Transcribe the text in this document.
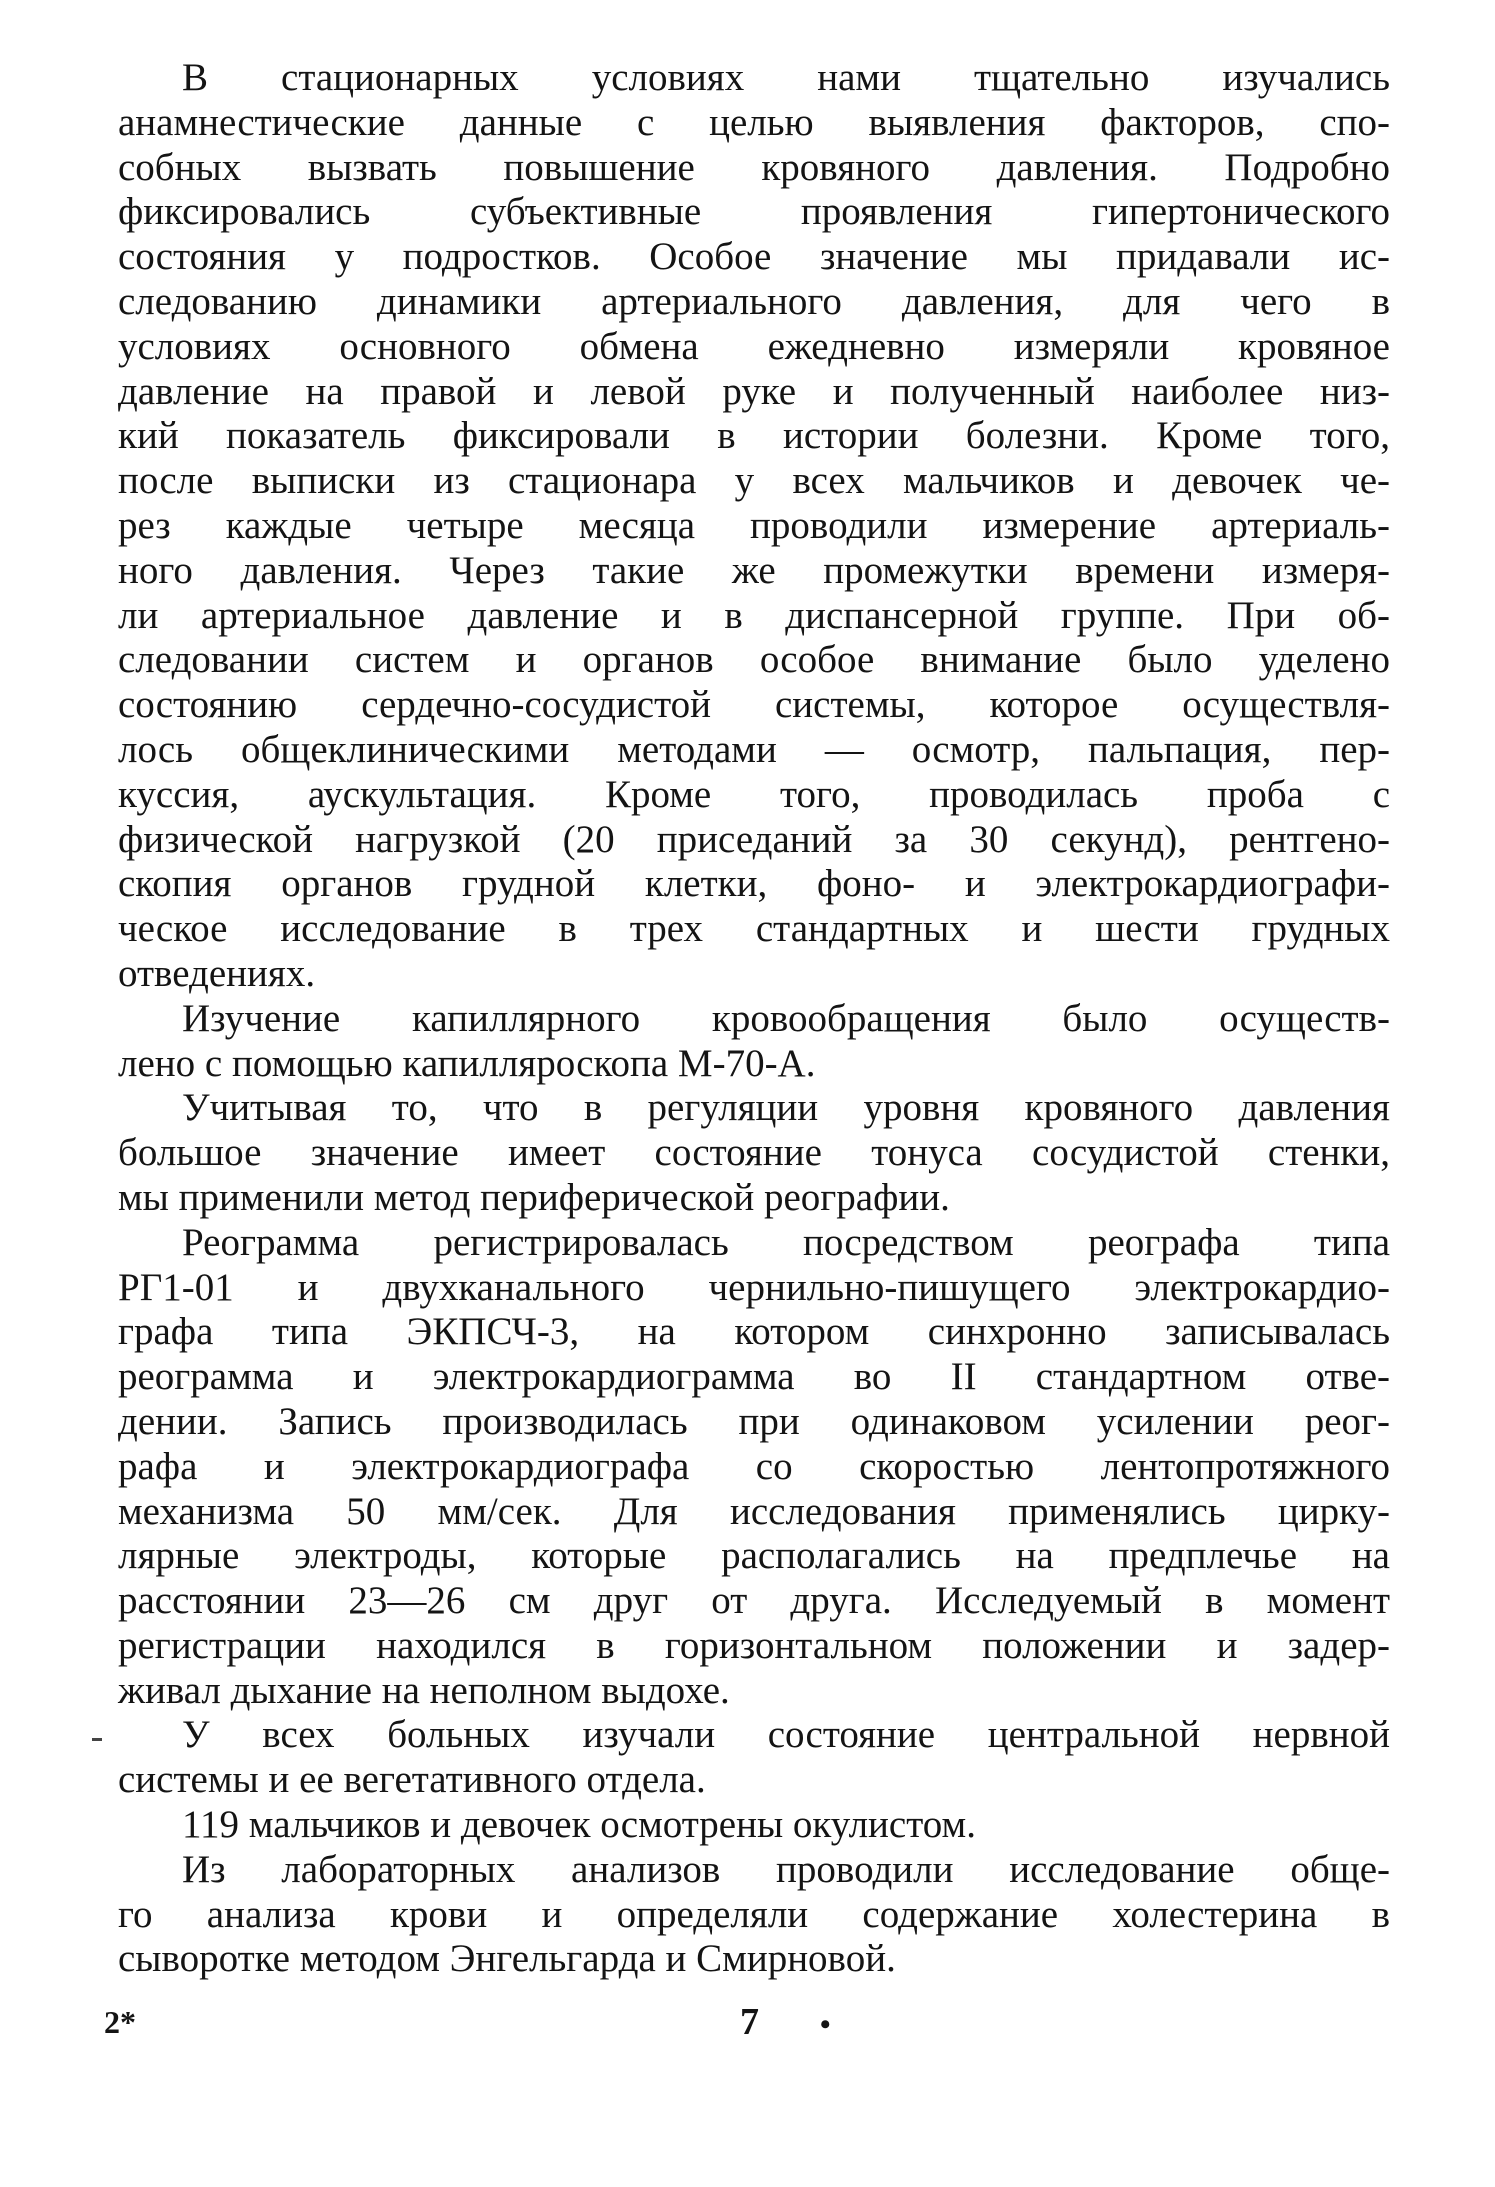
В стационарных условиях нами тщательно изучались
анамнестические данные с целью выявления факторов, спо-
собных вызвать повышение кровяного давления. Подробно
фиксировались субъективные проявления гипертонического
состояния у подростков. Особое значение мы придавали ис-
следованию динамики артериального давления, для чего в
условиях основного обмена ежедневно измеряли кровяное
давление на правой и левой руке и полученный наиболее низ-
кий показатель фиксировали в истории болезни. Кроме того,
после выписки из стационара у всех мальчиков и девочек че-
рез каждые четыре месяца проводили измерение артериаль-
ного давления. Через такие же промежутки времени измеря-
ли артериальное давление и в диспансерной группе. При об-
следовании систем и органов особое внимание было уделено
состоянию сердечно-сосудистой системы, которое осуществля-
лось общеклиническими методами — осмотр, пальпация, пер-
куссия, аускультация. Кроме того, проводилась проба с
физической нагрузкой (20 приседаний за 30 секунд), рентгено-
скопия органов грудной клетки, фоно- и электрокардиографи-
ческое исследование в трех стандартных и шести грудных
отведениях.
Изучение капиллярного кровообращения было осуществ-
лено с помощью капилляроскопа М-70-А.
Учитывая то, что в регуляции уровня кровяного давления
большое значение имеет состояние тонуса сосудистой стенки,
мы применили метод периферической реографии.
Реограмма регистрировалась посредством реографа типа
РГ1-01 и двухканального чернильно-пишущего электрокардио-
графа типа ЭКПСЧ-3, на котором синхронно записывалась
реограмма и электрокардиограмма во II стандартном отве-
дении. Запись производилась при одинаковом усилении реог-
рафа и электрокардиографа со скоростью лентопротяжного
механизма 50 мм/сек. Для исследования применялись цирку-
лярные электроды, которые располагались на предплечье на
расстоянии 23—26 см друг от друга. Исследуемый в момент
регистрации находился в горизонтальном положении и задер-
живал дыхание на неполном выдохе.
У всех больных изучали состояние центральной нервной
системы и ее вегетативного отдела.
119 мальчиков и девочек осмотрены окулистом.
Из лабораторных анализов проводили исследование обще-
го анализа крови и определяли содержание холестерина в
сыворотке методом Энгельгарда и Смирновой.
2*	7 •
